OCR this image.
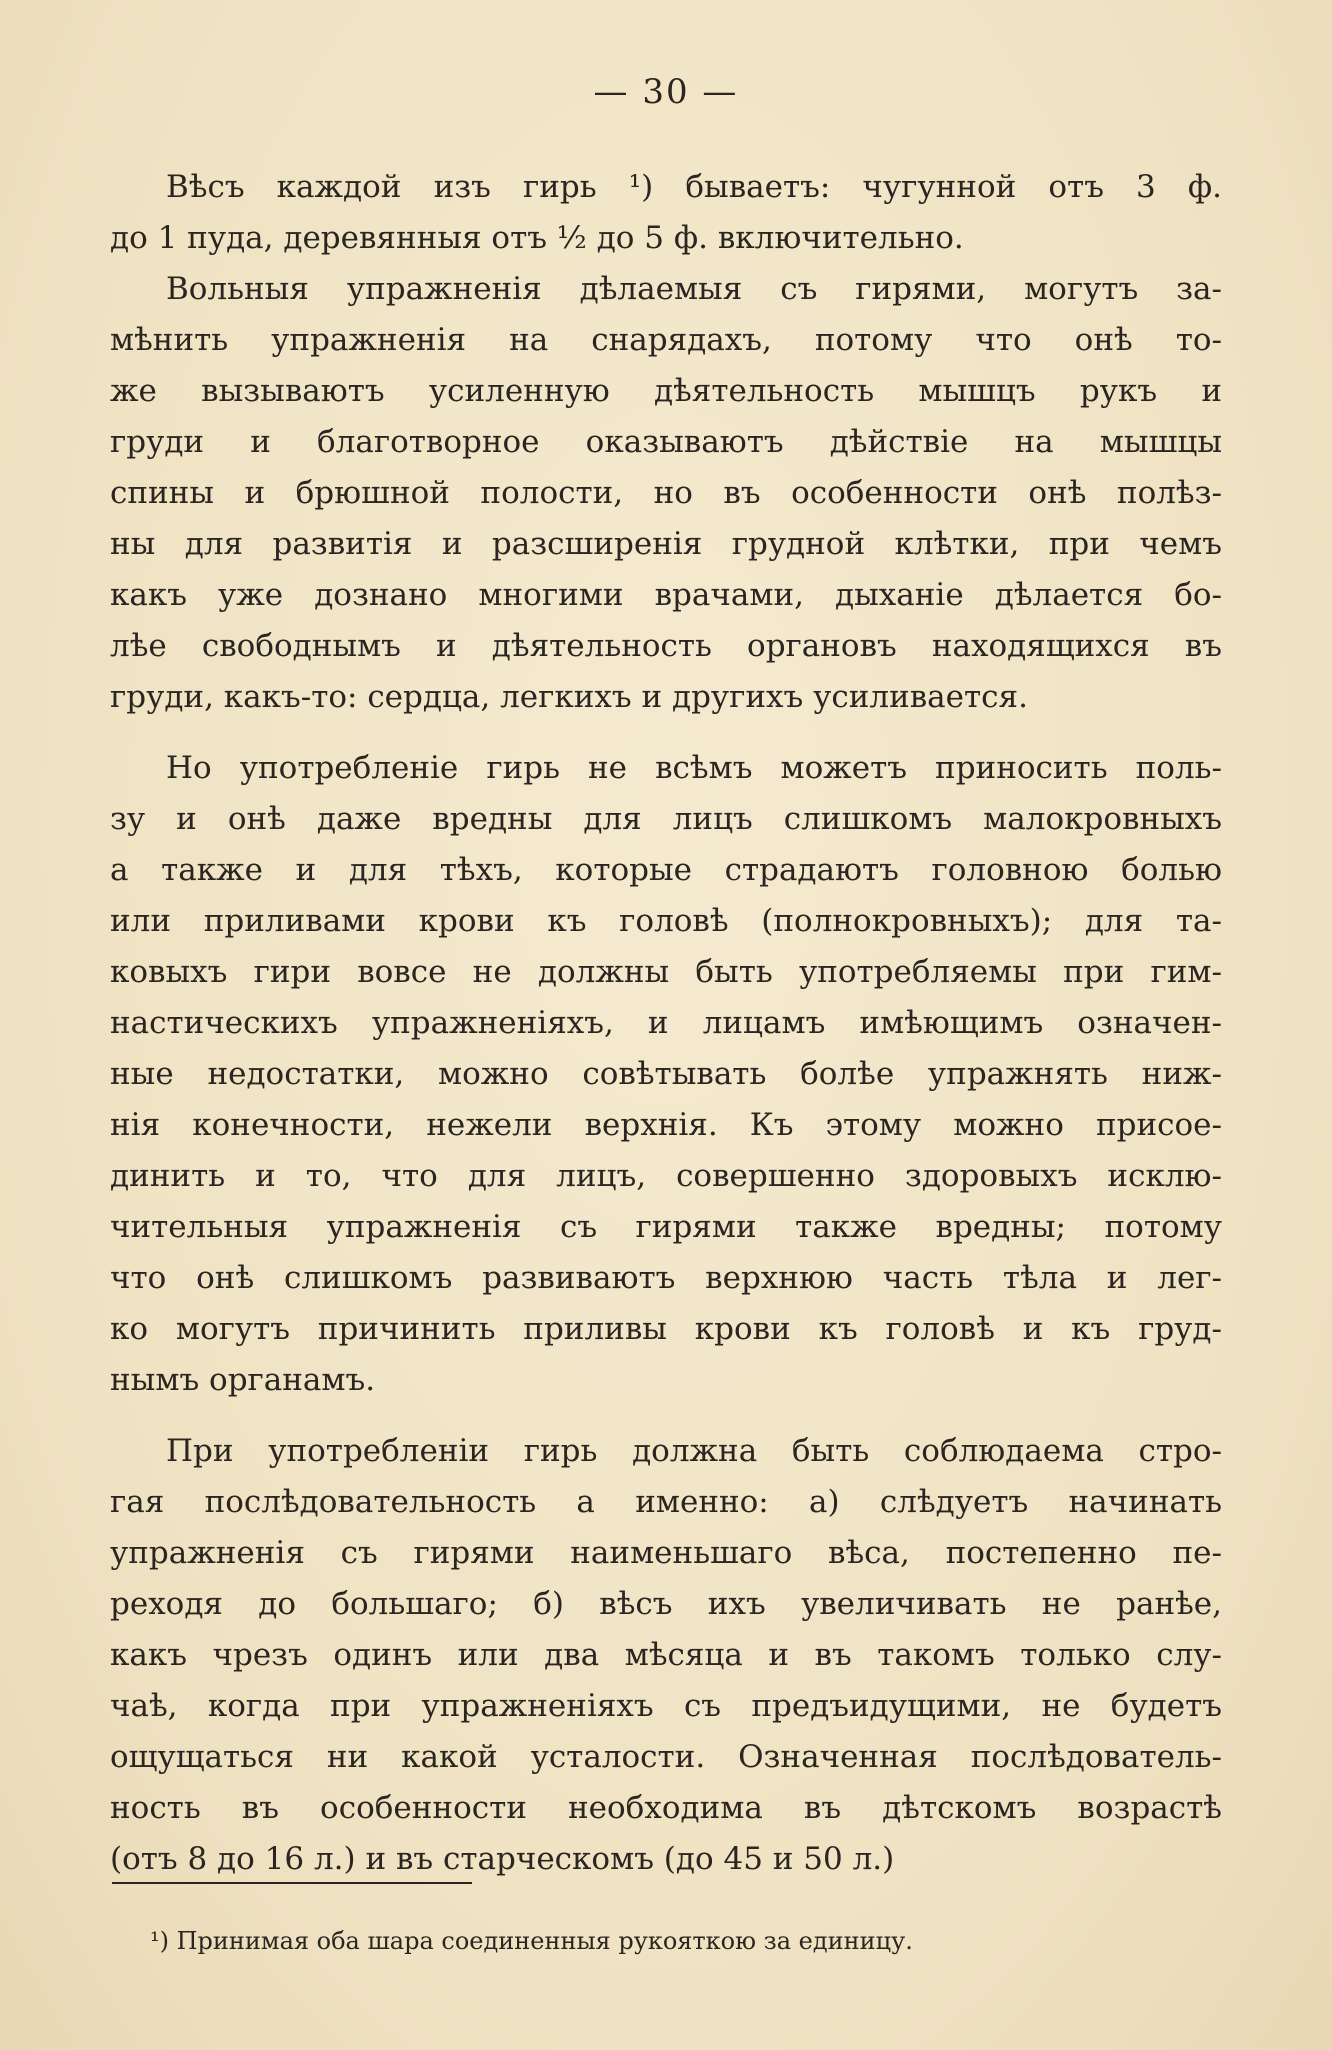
— 30 —
Вѣсъ каждой изъ гирь ¹) бываетъ: чугунной отъ 3 ф.
до 1 пуда, деревянныя отъ ½ до 5 ф. включительно.
Вольныя упражненія дѣлаемыя съ гирями, могутъ за-
мѣнить упражненія на снарядахъ, потому что онѣ то-
же вызываютъ усиленную дѣятельность мышцъ рукъ и
груди и благотворное оказываютъ дѣйствіе на мышцы
спины и брюшной полости, но въ особенности онѣ полѣз-
ны для развитія и разсширенія грудной клѣтки, при чемъ
какъ уже дознано многими врачами, дыханіе дѣлается бо-
лѣе свободнымъ и дѣятельность органовъ находящихся въ
груди, какъ-то: сердца, легкихъ и другихъ усиливается.
Но употребленіе гирь не всѣмъ можетъ приносить поль-
зу и онѣ даже вредны для лицъ слишкомъ малокровныхъ
а также и для тѣхъ, которые страдаютъ головною болью
или приливами крови къ головѣ (полнокровныхъ); для та-
ковыхъ гири вовсе не должны быть употребляемы при гим-
настическихъ упражненіяхъ, и лицамъ имѣющимъ означен-
ные недостатки, можно совѣтывать болѣе упражнять ниж-
нія конечности, нежели верхнія. Къ этому можно присое-
динить и то, что для лицъ, совершенно здоровыхъ исклю-
чительныя упражненія съ гирями также вредны; потому
что онѣ слишкомъ развиваютъ верхнюю часть тѣла и лег-
ко могутъ причинить приливы крови къ головѣ и къ груд-
нымъ органамъ.
При употребленіи гирь должна быть соблюдаема стро-
гая послѣдовательность а именно: а) слѣдуетъ начинать
упражненія съ гирями наименьшаго вѣса, постепенно пе-
реходя до большаго; б) вѣсъ ихъ увеличивать не ранѣе,
какъ чрезъ одинъ или два мѣсяца и въ такомъ только слу-
чаѣ, когда при упражненіяхъ съ предъидущими, не будетъ
ощущаться ни какой усталости. Означенная послѣдователь-
ность въ особенности необходима въ дѣтскомъ возрастѣ
(отъ 8 до 16 л.) и въ старческомъ (до 45 и 50 л.)
¹) Принимая оба шара соединенныя рукояткою за единицу.
